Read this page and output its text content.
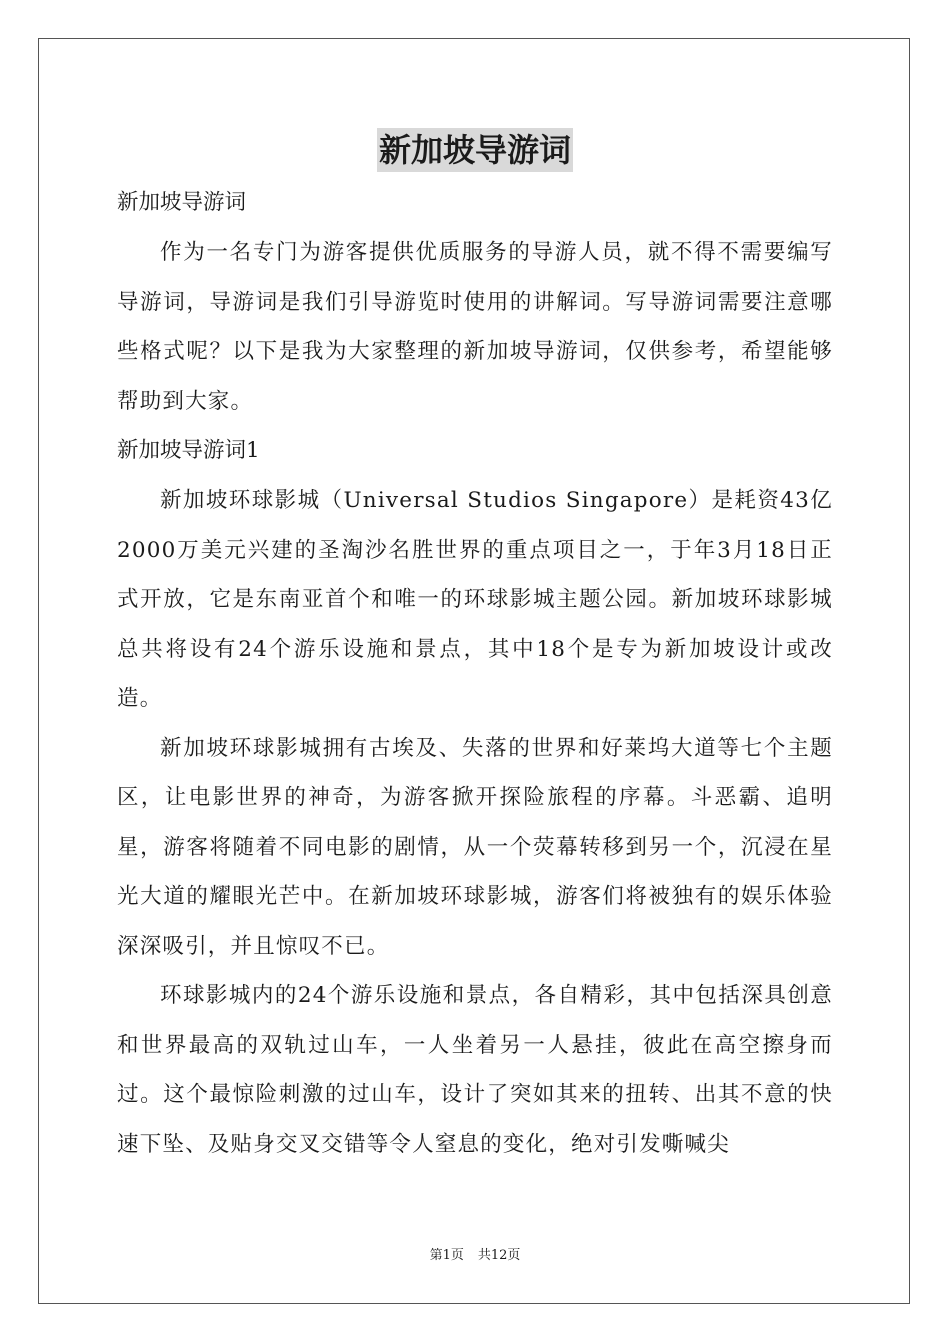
新加坡导游词

新加坡导游词

作为一名专门为游客提供优质服务的导游人员，就不得不需要编写导游词，导游词是我们引导游览时使用的讲解词。写导游词需要注意哪些格式呢？以下是我为大家整理的新加坡导游词，仅供参考，希望能够帮助到大家。

新加坡导游词1

新加坡环球影城（Universal Studios Singapore）是耗资43亿2000万美元兴建的圣淘沙名胜世界的重点项目之一，于年3月18日正式开放，它是东南亚首个和唯一的环球影城主题公园。新加坡环球影城总共将设有24个游乐设施和景点，其中18个是专为新加坡设计或改造。

新加坡环球影城拥有古埃及、失落的世界和好莱坞大道等七个主题区，让电影世界的神奇，为游客掀开探险旅程的序幕。斗恶霸、追明星，游客将随着不同电影的剧情，从一个荧幕转移到另一个，沉浸在星光大道的耀眼光芒中。在新加坡环球影城，游客们将被独有的娱乐体验深深吸引，并且惊叹不已。

环球影城内的24个游乐设施和景点，各自精彩，其中包括深具创意和世界最高的双轨过山车，一人坐着另一人悬挂，彼此在高空擦身而过。这个最惊险刺激的过山车，设计了突如其来的扭转、出其不意的快速下坠、及贴身交叉交错等令人窒息的变化，绝对引发嘶喊尖

第1页 共12页
